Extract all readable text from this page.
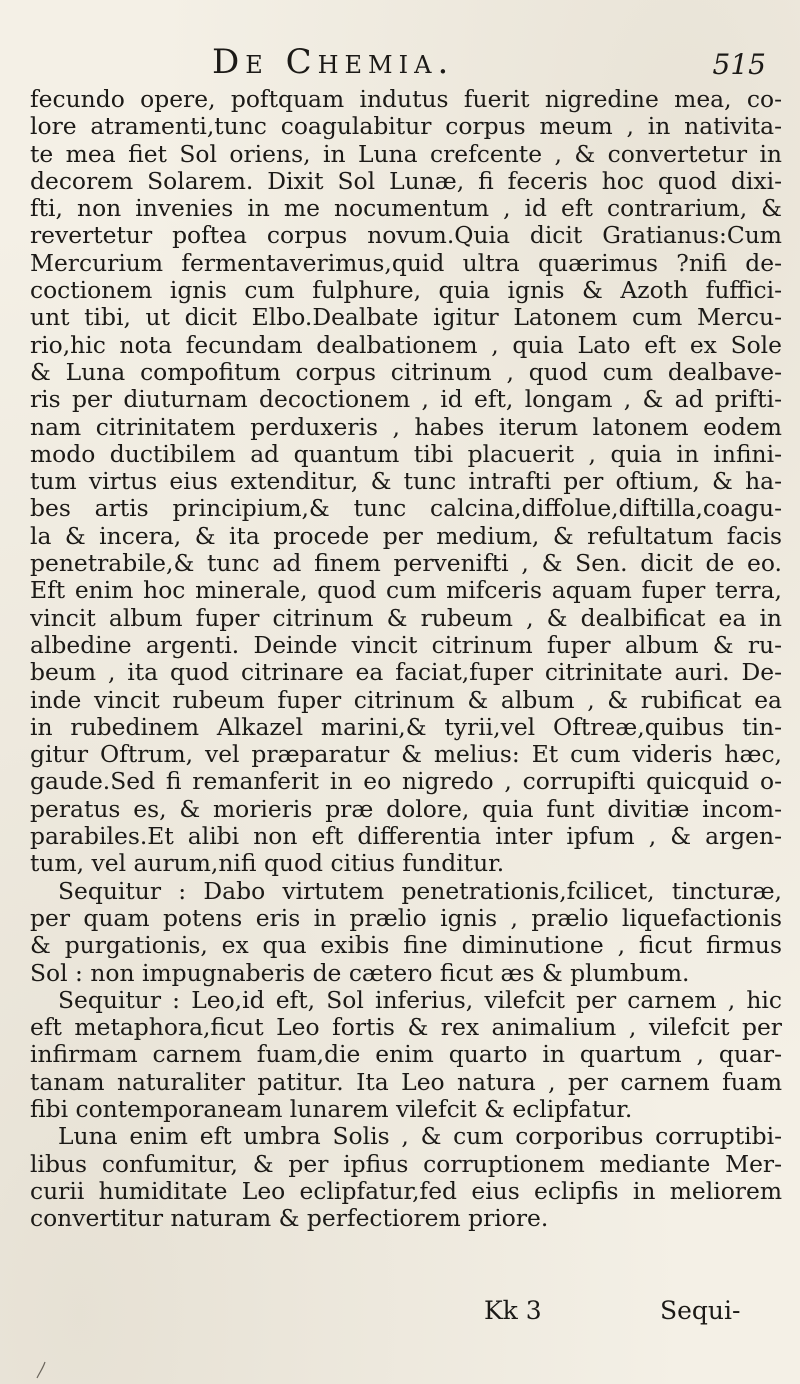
De Chemia.	515
fecundo opere, poftquam indutus fuerit nigredine mea, co-
lore atramenti,tunc coagulabitur corpus meum , in nativita-
te mea fiet Sol oriens, in Luna crefcente , & convertetur in
decorem Solarem. Dixit Sol Lunæ, fi feceris hoc quod dixi-
fti, non invenies in me nocumentum , id eft contrarium, &
revertetur poftea corpus novum.Quia dicit Gratianus:Cum
Mercurium fermentaverimus,quid ultra quærimus ?nifi de-
coctionem ignis cum fulphure, quia ignis & Azoth fuffici-
unt tibi, ut dicit Elbo.Dealbate igitur Latonem cum Mercu-
rio,hic nota fecundam dealbationem , quia Lato eft ex Sole
& Luna compofitum corpus citrinum , quod cum dealbave-
ris per diuturnam decoctionem , id eft, longam , & ad prifti-
nam citrinitatem perduxeris , habes iterum latonem eodem
modo ductibilem ad quantum tibi placuerit , quia in infini-
tum virtus eius extenditur, & tunc intrafti per oftium, & ha-
bes artis principium,& tunc calcina,diffolue,diftilla,coagu-
la & incera, & ita procede per medium, & refultatum facis
penetrabile,& tunc ad finem pervenifti , & Sen. dicit de eo.
Eft enim hoc minerale, quod cum mifceris aquam fuper terra,
vincit album fuper citrinum & rubeum , & dealbificat ea in
albedine argenti. Deinde vincit citrinum fuper album & ru-
beum , ita quod citrinare ea faciat,fuper citrinitate auri. De-
inde vincit rubeum fuper citrinum & album , & rubificat ea
in rubedinem Alkazel marini,& tyrii,vel Oftreæ,quibus tin-
gitur Oftrum, vel præparatur & melius: Et cum videris hæc,
gaude.Sed fi remanferit in eo nigredo , corrupifti quicquid o-
peratus es, & morieris præ dolore, quia funt divitiæ incom-
parabiles.Et alibi non eft differentia inter ipfum , & argen-
tum, vel aurum,nifi quod citius funditur.
Sequitur : Dabo virtutem penetrationis,fcilicet, tincturæ,
per quam potens eris in prælio ignis , prælio liquefactionis
& purgationis, ex qua exibis fine diminutione , ficut firmus
Sol : non impugnaberis de cætero ficut æs & plumbum.
Sequitur : Leo,id eft, Sol inferius, vilefcit per carnem , hic
eft metaphora,ficut Leo fortis & rex animalium , vilefcit per
infirmam carnem fuam,die enim quarto in quartum , quar-
tanam naturaliter patitur. Ita Leo natura , per carnem fuam
fibi contemporaneam lunarem vilefcit & eclipfatur.
Luna enim eft umbra Solis , & cum corporibus corruptibi-
libus confumitur, & per ipfius corruptionem mediante Mer-
curii humiditate Leo eclipfatur,fed eius eclipfis in meliorem
convertitur naturam & perfectiorem priore.
Kk 3	Sequi-
